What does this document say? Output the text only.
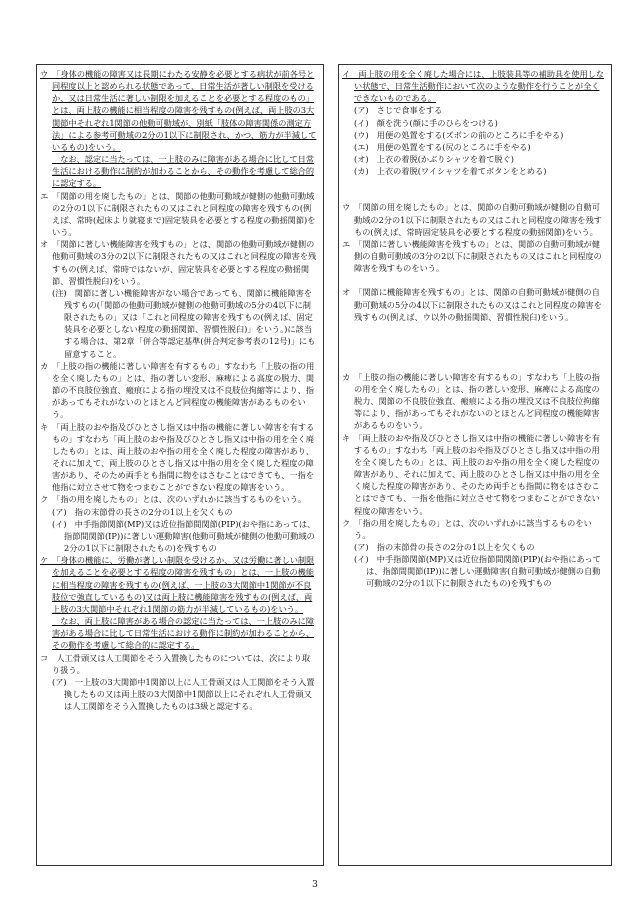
ウ　「身体の機能の障害又は長期にわたる安静を必要とする病状が前各号と同程度以上と認められる状態であって、日常生活が著しい制限を受けるか、又は日常生活に著しい制限を加えることを必要とする程度のもの」とは、両上肢の機能に相当程度の障害を残すもの(例えば、両上肢の3大関節中それぞれ1関節の他動可動域が、別紙「肢体の障害関係の測定方法」による参考可動域の2分の1以下に制限され、かつ、筋力が半減しているもの)をいう。

　なお、認定に当たっては、一上肢のみに障害がある場合に比して日常生活における動作に制約が加わることから、その動作を考慮して総合的に認定する。

エ　「関節の用を廃したもの」とは、関節の他動可動域が健側の他動可動域の2分の1以下に制限されたもの又はこれと同程度の障害を残すもの(例えば、常時(起床より就寝まで)固定装具を必要とする程度の動揺関節)をいう。

オ　「関節に著しい機能障害を残すもの」とは、関節の他動可動域が健側の他動可動域の3分の2以下に制限されたもの又はこれと同程度の障害を残すもの(例えば、常時ではないが、固定装具を必要とする程度の動揺関節、習慣性脱臼)をいう。

(注)　関節に著しい機能障害がない場合であっても、関節に機能障害を残すもの(「関節の他動可動域が健側の他動可動域の5分の4以下に制限されたもの」又は「これと同程度の障害を残すもの(例えば、固定装具を必要としない程度の動揺関節、習慣性脱臼)」をいう。)に該当する場合は、第2章「併合等認定基準(併合判定参考表の12号)」にも留意すること。

カ　「上肢の指の機能に著しい障害を有するもの」すなわち「上肢の指の用を全く廃したもの」とは、指の著しい変形、麻痺による高度の脱力、関節の不良肢位強直、瘢痕による指の埋没又は不良肢位拘縮等により、指があってもそれがないのとほとんど同程度の機能障害があるものをいう。

キ　「両上肢のおや指及びひとさし指又は中指の機能に著しい障害を有するもの」すなわち「両上肢のおや指及びひとさし指又は中指の用を全く廃したもの」とは、両上肢のおや指の用を全く廃した程度の障害があり、それに加えて、両上肢のひとさし指又は中指の用を全く廃した程度の障害があり、そのため両手とも指間に物をはさむことはできても、一指を他指に対立させて物をつまむことができない程度の障害をいう。

ク　「指の用を廃したもの」とは、次のいずれかに該当するものをいう。

(ア)　指の末節骨の長さの2分の1以上を欠くもの

(イ)　中手指節関節(MP)又は近位指節間関節(PIP)(おや指にあっては、指節間関節(IP))に著しい運動障害(他動可動域が健側の他動可動域の2分の1以下に制限されたもの)を残すもの

ケ　「身体の機能に、労働が著しい制限を受けるか、又は労働に著しい制限を加えることを必要とする程度の障害を残すもの」とは、一上肢の機能に相当程度の障害を残すもの(例えば、一上肢の3大関節中1関節が不良肢位で強直しているもの)又は両上肢に機能障害を残すもの(例えば、両上肢の3大関節中それぞれ1関節の筋力が半減しているもの)をいう。

　なお、両上肢に障害がある場合の認定に当たっては、一上肢のみに障害がある場合に比して日常生活における動作に制約が加わることから、その動作を考慮して総合的に認定する。

コ　人工骨頭又は人工関節をそう入置換したものについては、次により取り扱う。

(ア)　一上肢の3大関節中1関節以上に人工骨頭又は人工関節をそう入置換したもの又は両上肢の3大関節中1関節以上にそれぞれ人工骨頭又は人工関節をそう入置換したものは3級と認定する。

イ　両上肢の用を全く廃した場合には、上肢装具等の補助具を使用しない状態で、日常生活動作において次のような動作を行うことが全くできないものである。

(ア)　さじで食事をする

(イ)　顔を洗う(顔に手のひらをつける)

(ウ)　用便の処置をする(ズボンの前のところに手をやる)

(エ)　用便の処置をする(尻のところに手をやる)

(オ)　上衣の着脱(かぶりシャツを着て脱ぐ)

(カ)　上衣の着脱(ワイシャツを着てボタンをとめる)

ウ　「関節の用を廃したもの」とは、関節の自動可動域が健側の自動可動域の2分の1以下に制限されたもの又はこれと同程度の障害を残すもの(例えば、常時固定装具を必要とする程度の動揺関節)をいう。

エ　「関節に著しい機能障害を残すもの」とは、関節の自動可動域が健側の自動可動域の3分の2以下に制限されたもの又はこれと同程度の障害を残すものをいう。

オ　「関節に機能障害を残すもの」とは、関節の自動可動域が健側の自動可動域の5分の4以下に制限されたもの又はこれと同程度の障害を残すもの(例えば、ウ以外の動揺関節、習慣性脱臼)をいう。

カ　「上肢の指の機能に著しい障害を有するもの」すなわち「上肢の指の用を全く廃したもの」とは、指の著しい変形、麻痺による高度の脱力、関節の不良肢位強直、瘢痕による指の埋没又は不良肢位拘縮等により、指があってもそれがないのとほとんど同程度の機能障害があるものをいう。

キ　「両上肢のおや指及びひとさし指又は中指の機能に著しい障害を有するもの」すなわち「両上肢のおや指及びひとさし指又は中指の用を全く廃したもの」とは、両上肢のおや指の用を全く廃した程度の障害があり、それに加えて、両上肢のひとさし指又は中指の用を全く廃した程度の障害があり、そのため両手とも指間に物をはさむことはできても、一指を他指に対立させて物をつまむことができない程度の障害をいう。

ク　「指の用を廃したもの」とは、次のいずれかに該当するものをいう。

(ア)　指の末節骨の長さの2分の1以上を欠くもの

(イ)　中手指節関節(MP)又は近位指節間関節(PIP)(おや指にあっては、指節間関節(IP))に著しい運動障害(自動可動域が健側の自動可動域の2分の1以下に制限されたもの)を残すもの

3
